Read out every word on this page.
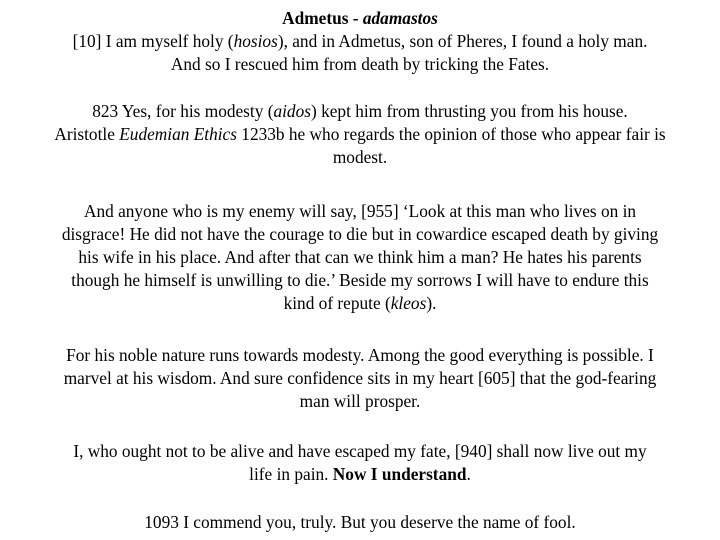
Admetus - adamastos
[10] I am myself holy (hosios), and in Admetus, son of Pheres, I found a holy man.
And so I rescued him from death by tricking the Fates.
823 Yes, for his modesty (aidos) kept him from thrusting you from his house.
Aristotle Eudemian Ethics 1233b he who regards the opinion of those who appear fair is
modest.
And anyone who is my enemy will say, [955] ‘Look at this man who lives on in
disgrace! He did not have the courage to die but in cowardice escaped death by giving
his wife in his place. And after that can we think him a man? He hates his parents
though he himself is unwilling to die.’ Beside my sorrows I will have to endure this
kind of repute (kleos).
For his noble nature runs towards modesty. Among the good everything is possible. I
marvel at his wisdom. And sure confidence sits in my heart [605] that the god-fearing
man will prosper.
I, who ought not to be alive and have escaped my fate, [940] shall now live out my
life in pain. Now I understand.
1093 I commend you, truly. But you deserve the name of fool.
